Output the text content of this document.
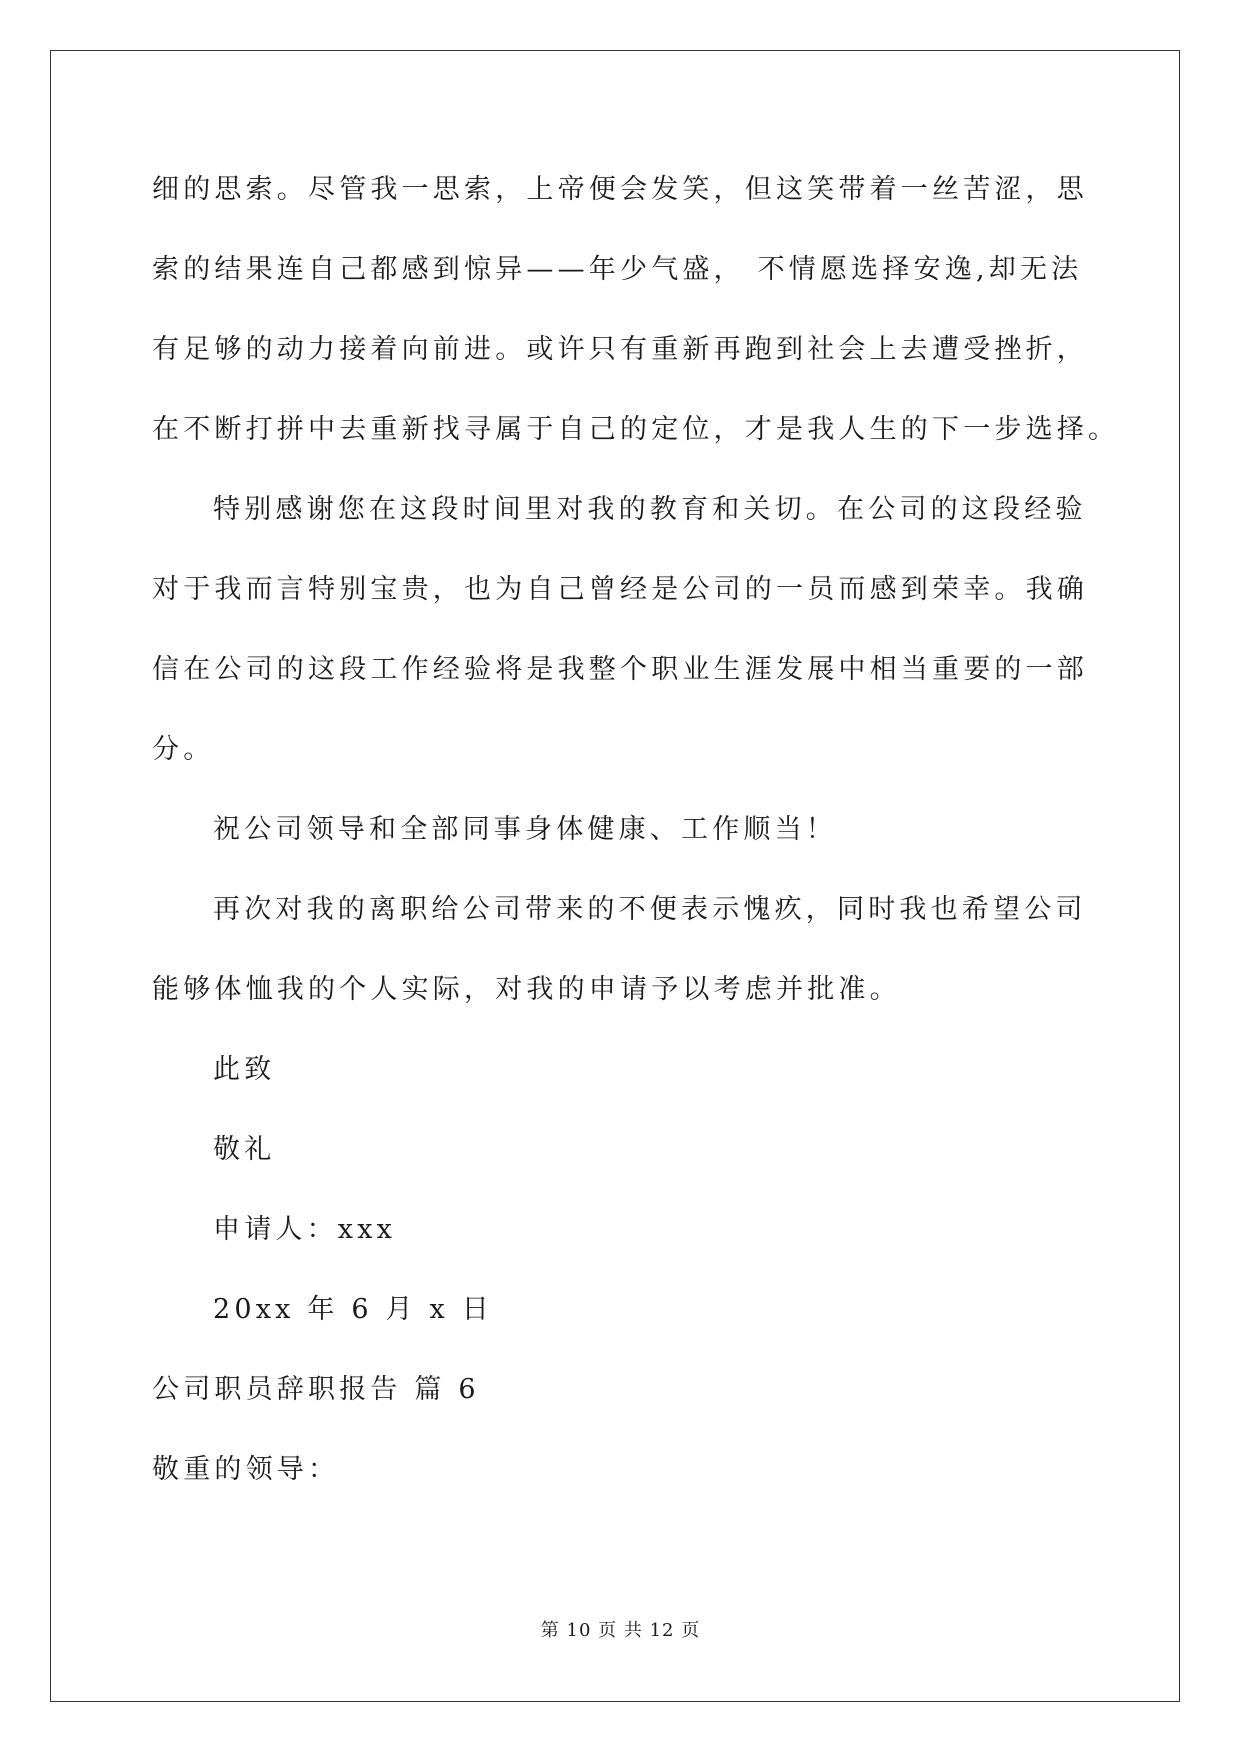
细的思索。尽管我一思索，上帝便会发笑，但这笑带着一丝苦涩，思
索的结果连自己都感到惊异——年少气盛， 不情愿选择安逸,却无法
有足够的动力接着向前进。或许只有重新再跑到社会上去遭受挫折，
在不断打拼中去重新找寻属于自己的定位，才是我人生的下一步选择。
特别感谢您在这段时间里对我的教育和关切。在公司的这段经验
对于我而言特别宝贵，也为自己曾经是公司的一员而感到荣幸。我确
信在公司的这段工作经验将是我整个职业生涯发展中相当重要的一部
分。
祝公司领导和全部同事身体健康、工作顺当！
再次对我的离职给公司带来的不便表示愧疚，同时我也希望公司
能够体恤我的个人实际，对我的申请予以考虑并批准。
此致
敬礼
申请人：xxx
20xx 年 6 月 x 日
公司职员辞职报告 篇 6
敬重的领导：
第 10 页 共 12 页
